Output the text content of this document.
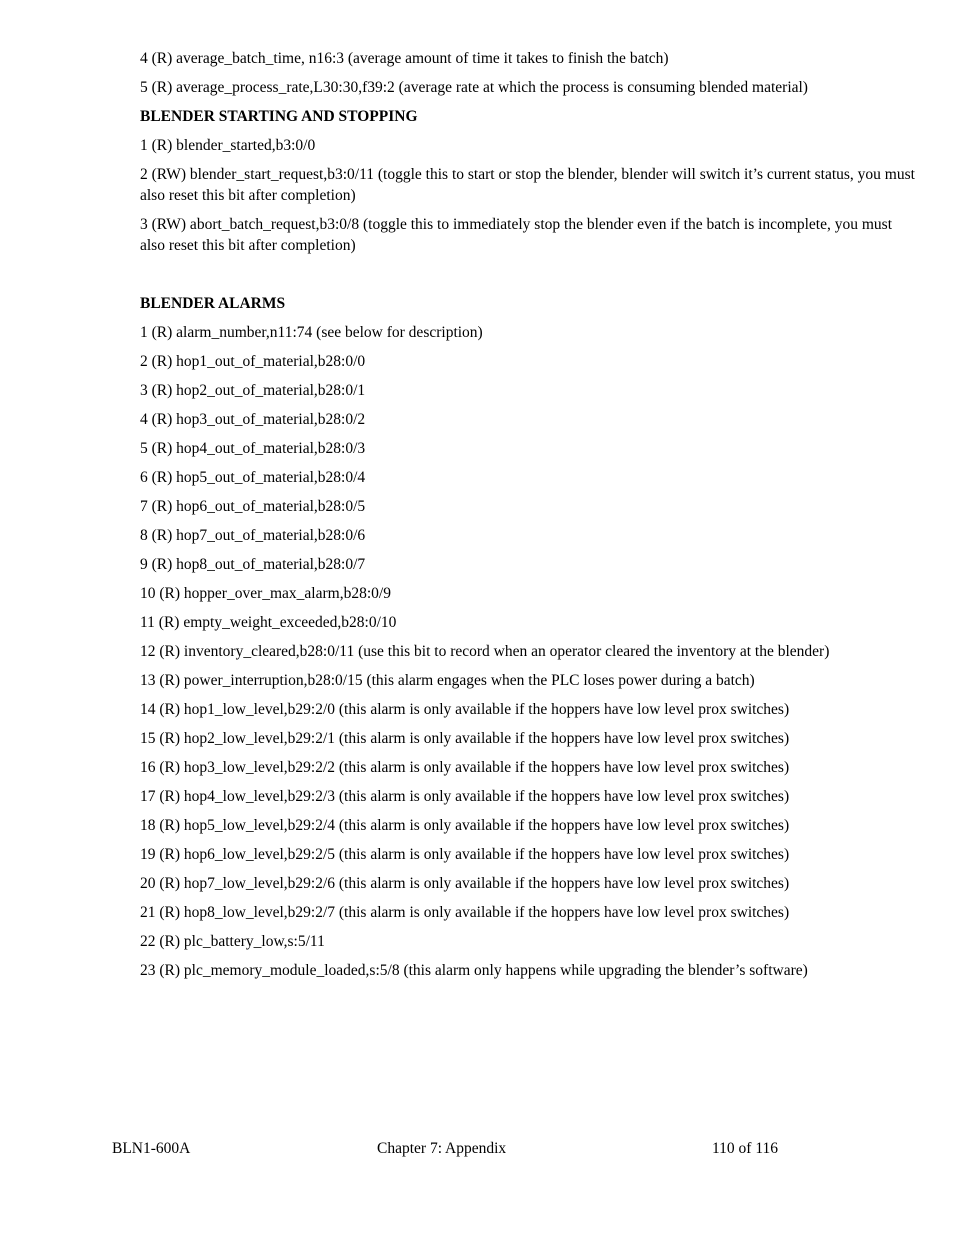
4 (R) average_batch_time, n16:3 (average amount of time it takes to finish the batch)

5 (R) average_process_rate,L30:30,f39:2 (average rate at which the process is consuming blended material)

BLENDER STARTING AND STOPPING

1 (R) blender_started,b3:0/0

2 (RW) blender_start_request,b3:0/11 (toggle this to start or stop the blender, blender will switch it’s current status, you must also reset this bit after completion)

3 (RW) abort_batch_request,b3:0/8 (toggle this to immediately stop the blender even if the batch is incomplete, you must also reset this bit after completion)

BLENDER ALARMS

1 (R) alarm_number,n11:74 (see below for description)

2 (R) hop1_out_of_material,b28:0/0

3 (R) hop2_out_of_material,b28:0/1

4 (R) hop3_out_of_material,b28:0/2

5 (R) hop4_out_of_material,b28:0/3

6 (R) hop5_out_of_material,b28:0/4

7 (R) hop6_out_of_material,b28:0/5

8 (R) hop7_out_of_material,b28:0/6

9 (R) hop8_out_of_material,b28:0/7

10 (R) hopper_over_max_alarm,b28:0/9

11 (R) empty_weight_exceeded,b28:0/10

12 (R) inventory_cleared,b28:0/11 (use this bit to record when an operator cleared the inventory at the blender)

13 (R) power_interruption,b28:0/15 (this alarm engages when the PLC loses power during a batch)

14 (R) hop1_low_level,b29:2/0 (this alarm is only available if the hoppers have low level prox switches)

15 (R) hop2_low_level,b29:2/1 (this alarm is only available if the hoppers have low level prox switches)

16 (R) hop3_low_level,b29:2/2 (this alarm is only available if the hoppers have low level prox switches)

17 (R) hop4_low_level,b29:2/3 (this alarm is only available if the hoppers have low level prox switches)

18 (R) hop5_low_level,b29:2/4 (this alarm is only available if the hoppers have low level prox switches)

19 (R) hop6_low_level,b29:2/5 (this alarm is only available if the hoppers have low level prox switches)

20 (R) hop7_low_level,b29:2/6 (this alarm is only available if the hoppers have low level prox switches)

21 (R) hop8_low_level,b29:2/7 (this alarm is only available if the hoppers have low level prox switches)

22 (R) plc_battery_low,s:5/11

23 (R) plc_memory_module_loaded,s:5/8 (this alarm only happens while upgrading the blender’s software)

BLN1-600A	Chapter 7: Appendix	110 of 116
